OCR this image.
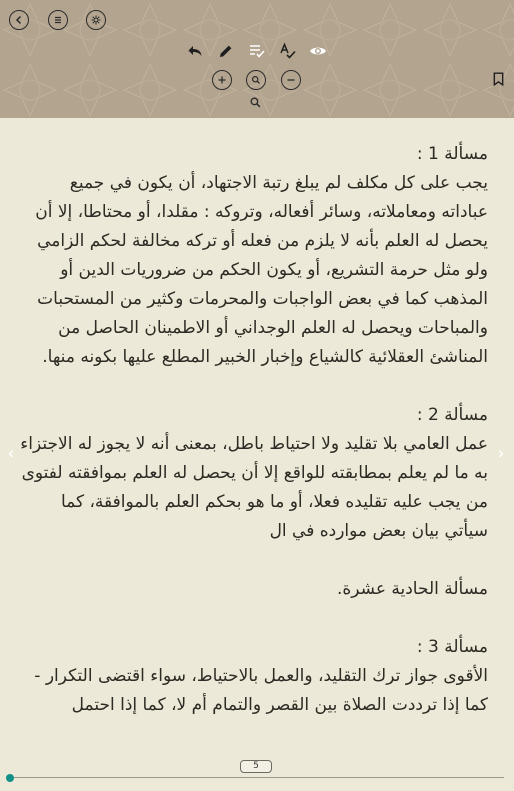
مسألة 1 :
يجب على كل مكلف لم يبلغ رتبة الاجتهاد، أن يكون في جميع عباداته ومعاملاته، وسائر أفعاله، وتروكه : مقلدا، أو محتاطا، إلا أن يحصل له العلم بأنه لا يلزم من فعله أو تركه مخالفة لحكم الزامي ولو مثل حرمة التشريع، أو يكون الحكم من ضروريات الدين أو المذهب كما في بعض الواجبات والمحرمات وكثير من المستحبات والمباحات ويحصل له العلم الوجداني أو الاطمينان الحاصل من المناشئ العقلائية كالشياع وإخبار الخبير المطلع عليها بكونه منها.

مسألة 2 :
عمل العامي بلا تقليد ولا احتياط باطل، بمعنى أنه لا يجوز له الاجتزاء به ما لم يعلم بمطابقته للواقع إلا أن يحصل له العلم بموافقته لفتوى من يجب عليه تقليده فعلا، أو ما هو بحكم العلم بالموافقة، كما سيأتي بيان بعض موارده في ال

مسألة الحادية عشرة.

مسألة 3 :
الأقوى جواز ترك التقليد، والعمل بالاحتياط، سواء اقتضى التكرار - كما إذا ترددت الصلاة بين القصر والتمام أم لا، كما إذا احتمل

‹	›
5
